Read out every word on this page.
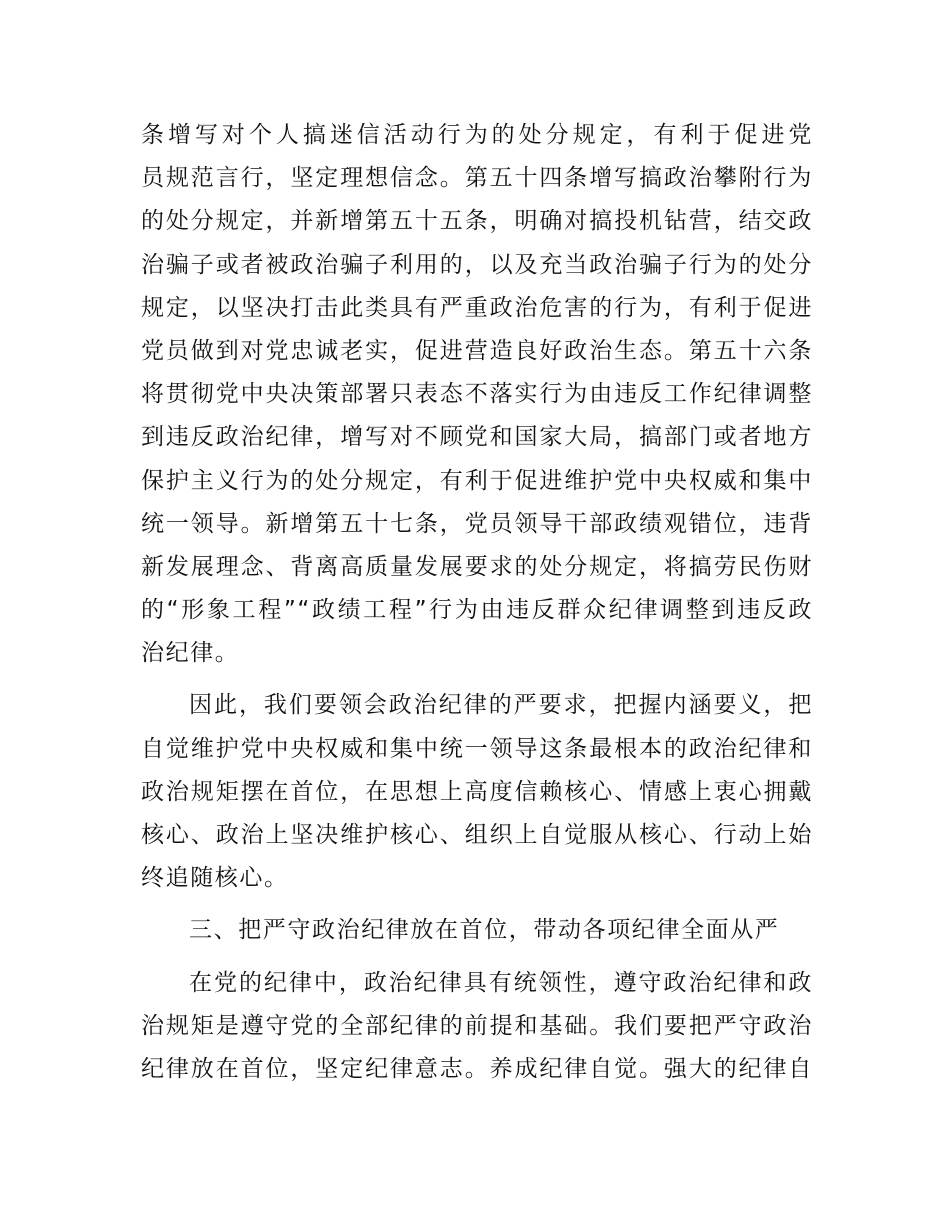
条增写对个人搞迷信活动行为的处分规定，有利于促进党
员规范言行，坚定理想信念。第五十四条增写搞政治攀附行为
的处分规定，并新增第五十五条，明确对搞投机钻营，结交政
治骗子或者被政治骗子利用的，以及充当政治骗子行为的处分
规定，以坚决打击此类具有严重政治危害的行为，有利于促进
党员做到对党忠诚老实，促进营造良好政治生态。第五十六条
将贯彻党中央决策部署只表态不落实行为由违反工作纪律调整
到违反政治纪律，增写对不顾党和国家大局，搞部门或者地方
保护主义行为的处分规定，有利于促进维护党中央权威和集中
统一领导。新增第五十七条，党员领导干部政绩观错位，违背
新发展理念、背离高质量发展要求的处分规定，将搞劳民伤财
的“形象工程”“政绩工程”行为由违反群众纪律调整到违反政
治纪律。
因此，我们要领会政治纪律的严要求，把握内涵要义，把
自觉维护党中央权威和集中统一领导这条最根本的政治纪律和
政治规矩摆在首位，在思想上高度信赖核心、情感上衷心拥戴
核心、政治上坚决维护核心、组织上自觉服从核心、行动上始
终追随核心。
三、把严守政治纪律放在首位，带动各项纪律全面从严
在党的纪律中，政治纪律具有统领性，遵守政治纪律和政
治规矩是遵守党的全部纪律的前提和基础。我们要把严守政治
纪律放在首位，坚定纪律意志。养成纪律自觉。强大的纪律自
